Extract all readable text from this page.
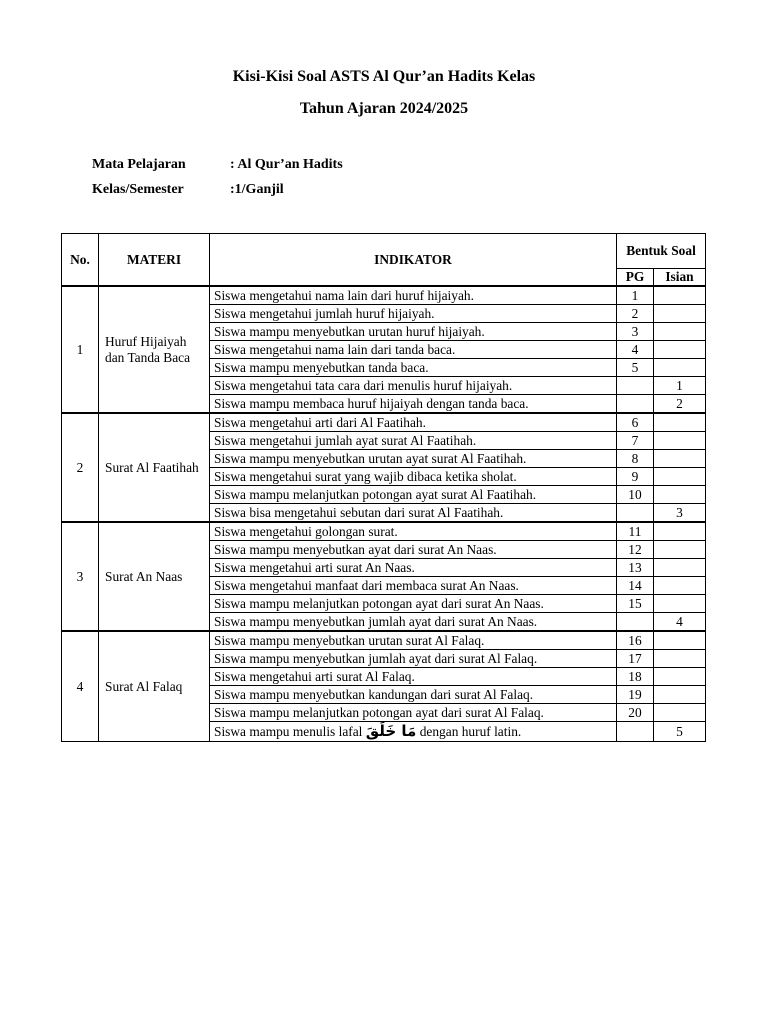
Kisi-Kisi Soal ASTS Al Qur’an Hadits Kelas
Tahun Ajaran 2024/2025
Mata Pelajaran	: Al Qur’an Hadits
Kelas/Semester	:1/Ganjil
No.	MATERI	INDIKATOR	Bentuk Soal	
			PG	Isian
1	Huruf Hijaiyah dan Tanda Baca	Siswa mengetahui nama lain dari huruf hijaiyah.	1	
		Siswa mengetahui jumlah huruf hijaiyah.	2	
		Siswa mampu menyebutkan urutan huruf hijaiyah.	3	
		Siswa mengetahui nama lain dari tanda baca.	4	
		Siswa mampu menyebutkan tanda baca.	5	
		Siswa mengetahui tata cara dari menulis huruf hijaiyah.		1
		Siswa mampu membaca huruf hijaiyah dengan tanda baca.		2
2	Surat Al Faatihah	Siswa mengetahui arti dari Al Faatihah.	6	
		Siswa mengetahui jumlah ayat surat Al Faatihah.	7	
		Siswa mampu menyebutkan urutan ayat surat Al Faatihah.	8	
		Siswa mengetahui surat yang wajib dibaca ketika sholat.	9	
		Siswa mampu melanjutkan potongan ayat surat Al Faatihah.	10	
		Siswa bisa mengetahui sebutan dari surat Al Faatihah.		3
3	Surat An Naas	Siswa mengetahui golongan surat.	11	
		Siswa mampu menyebutkan ayat dari surat An Naas.	12	
		Siswa mengetahui arti surat An Naas.	13	
		Siswa mengetahui manfaat dari membaca surat An Naas.	14	
		Siswa mampu melanjutkan potongan ayat dari surat An Naas.	15	
		Siswa mampu menyebutkan jumlah ayat dari surat An Naas.		4
4	Surat Al Falaq	Siswa mampu menyebutkan urutan surat Al Falaq.	16	
		Siswa mampu menyebutkan jumlah ayat dari surat Al Falaq.	17	
		Siswa mengetahui arti surat Al Falaq.	18	
		Siswa mampu menyebutkan kandungan dari surat Al Falaq.	19	
		Siswa mampu melanjutkan potongan ayat dari surat Al Falaq.	20	
		Siswa mampu menulis lafal مَا خَلَقَ dengan huruf latin.		5
